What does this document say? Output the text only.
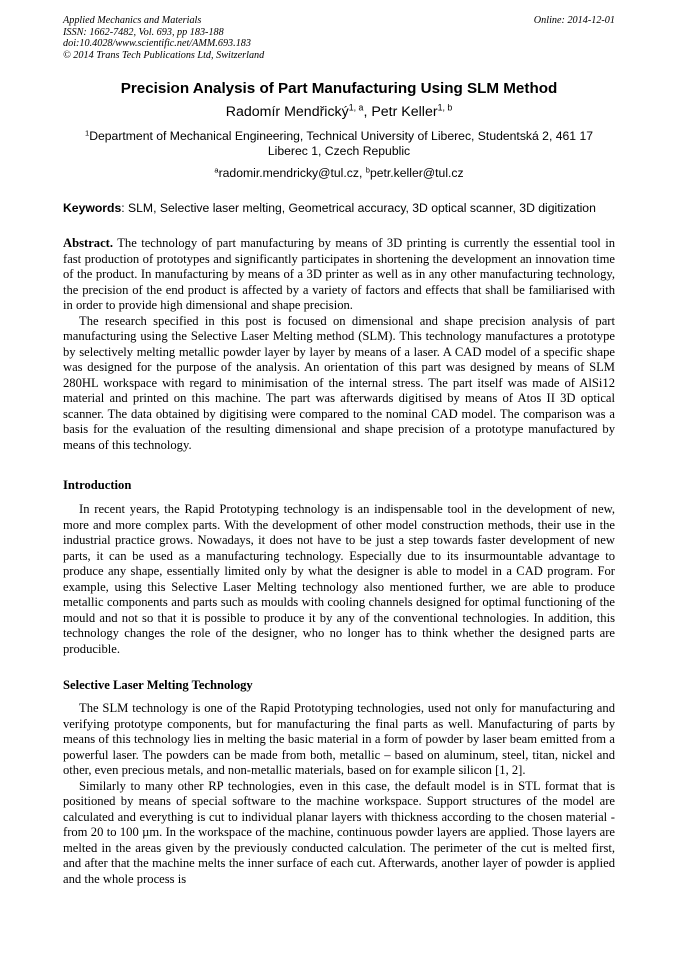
Applied Mechanics and Materials
ISSN: 1662-7482, Vol. 693, pp 183-188
doi:10.4028/www.scientific.net/AMM.693.183
© 2014 Trans Tech Publications Ltd, Switzerland
Online: 2014-12-01
Precision Analysis of Part Manufacturing Using SLM Method
Radomír Mendřický$^{1, a}$, Petr Keller$^{1, b}$
$^1$Department of Mechanical Engineering, Technical University of Liberec, Studentská 2, 461 17 Liberec 1, Czech Republic
$^a$radomir.mendricky@tul.cz, $^b$petr.keller@tul.cz
Keywords: SLM, Selective laser melting, Geometrical accuracy, 3D optical scanner, 3D digitization

Abstract. The technology of part manufacturing by means of 3D printing is currently the essential tool in fast production of prototypes and significantly participates in shortening the development an innovation time of the product. In manufacturing by means of a 3D printer as well as in any other manufacturing technology, the precision of the end product is affected by a variety of factors and effects that shall be familiarised with in order to provide high dimensional and shape precision.

The research specified in this post is focused on dimensional and shape precision analysis of part manufacturing using the Selective Laser Melting method (SLM). This technology manufactures a prototype by selectively melting metallic powder layer by layer by means of a laser. A CAD model of a specific shape was designed for the purpose of the analysis. An orientation of this part was designed by means of SLM 280HL workspace with regard to minimisation of the internal stress. The part itself was made of AlSi12 material and printed on this machine. The part was afterwards digitised by means of Atos II 3D optical scanner. The data obtained by digitising were compared to the nominal CAD model. The comparison was a basis for the evaluation of the resulting dimensional and shape precision of a prototype manufactured by means of this technology.

Introduction

In recent years, the Rapid Prototyping technology is an indispensable tool in the development of new, more and more complex parts. With the development of other model construction methods, their use in the industrial practice grows. Nowadays, it does not have to be just a step towards faster development of new parts, it can be used as a manufacturing technology. Especially due to its insurmountable advantage to produce any shape, essentially limited only by what the designer is able to model in a CAD program. For example, using this Selective Laser Melting technology also mentioned further, we are able to produce metallic components and parts such as moulds with cooling channels designed for optimal functioning of the mould and not so that it is possible to produce it by any of the conventional technologies. In addition, this technology changes the role of the designer, who no longer has to think whether the designed parts are producible.

Selective Laser Melting Technology

The SLM technology is one of the Rapid Prototyping technologies, used not only for manufacturing and verifying prototype components, but for manufacturing the final parts as well. Manufacturing of parts by means of this technology lies in melting the basic material in a form of powder by laser beam emitted from a powerful laser. The powders can be made from both, metallic – based on aluminum, steel, titan, nickel and other, even precious metals, and non-metallic materials, based on for example silicon [1, 2].

Similarly to many other RP technologies, even in this case, the default model is in STL format that is positioned by means of special software to the machine workspace. Support structures of the model are calculated and everything is cut to individual planar layers with thickness according to the chosen material - from 20 to 100 µm. In the workspace of the machine, continuous powder layers are applied. Those layers are melted in the areas given by the previously conducted calculation. The perimeter of the cut is melted first, and after that the machine melts the inner surface of each cut. Afterwards, another layer of powder is applied and the whole process is
